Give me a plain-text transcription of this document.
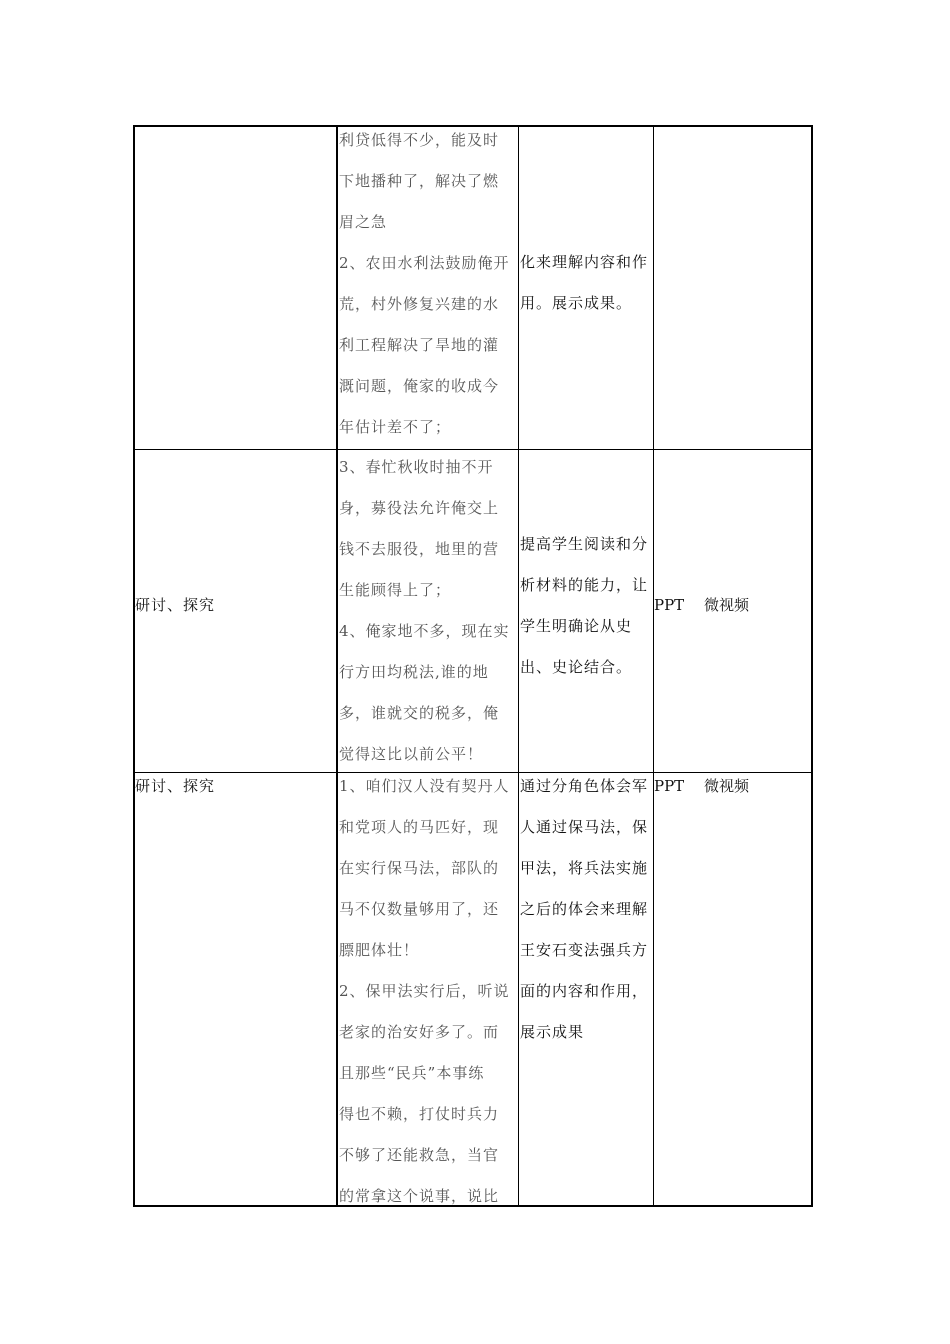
利贷低得不少，能及时
下地播种了，解决了燃
眉之急
2、农田水利法鼓励俺开
荒，村外修复兴建的水
利工程解决了旱地的灌
溉问题，俺家的收成今
年估计差不了；
化来理解内容和作
用。展示成果。
研讨、探究
3、春忙秋收时抽不开
身，募役法允许俺交上
钱不去服役，地里的营
生能顾得上了；
4、俺家地不多，现在实
行方田均税法,谁的地
多，谁就交的税多，俺
觉得这比以前公平！
提高学生阅读和分
析材料的能力，让
学生明确论从史
出、史论结合。
PPT 微视频
研讨、探究	1、咱们汉人没有契丹人
和党项人的马匹好，现
在实行保马法，部队的
马不仅数量够用了，还
膘肥体壮！
2、保甲法实行后，听说
老家的治安好多了。而
且那些“民兵”本事练
得也不赖，打仗时兵力
不够了还能救急，当官
的常拿这个说事，说比
通过分角色体会军
人通过保马法，保
甲法，将兵法实施
之后的体会来理解
王安石变法强兵方
面的内容和作用，
展示成果
PPT 微视频
